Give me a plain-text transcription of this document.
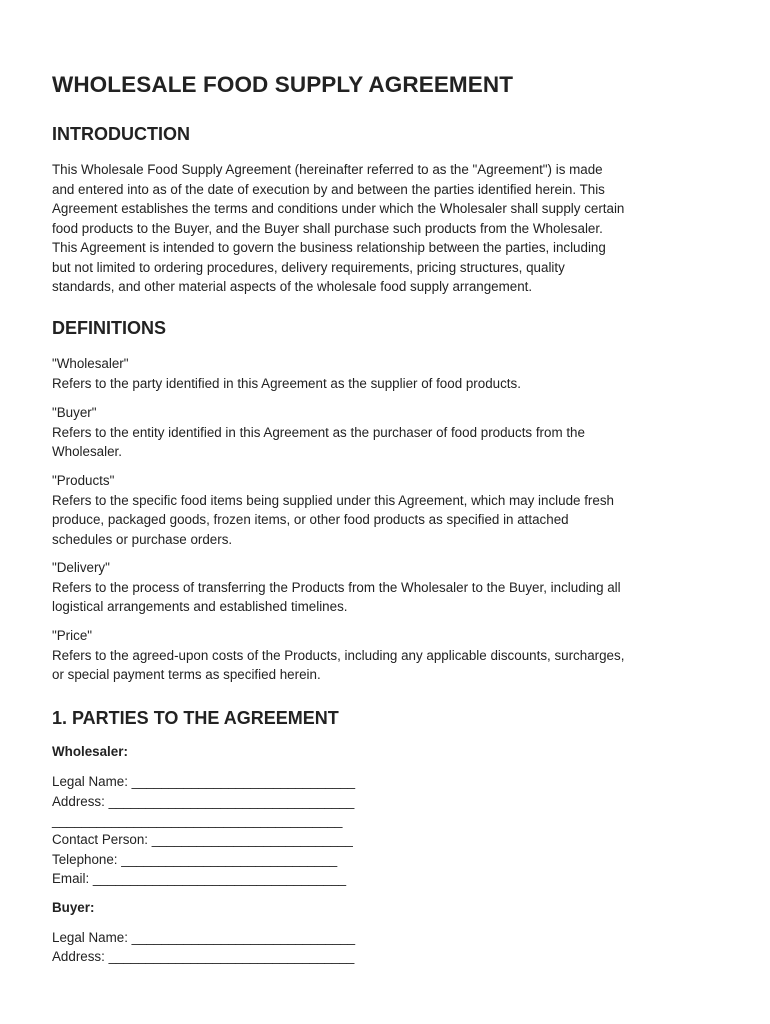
WHOLESALE FOOD SUPPLY AGREEMENT
INTRODUCTION

This Wholesale Food Supply Agreement (hereinafter referred to as the "Agreement") is made
and entered into as of the date of execution by and between the parties identified herein. This
Agreement establishes the terms and conditions under which the Wholesaler shall supply certain
food products to the Buyer, and the Buyer shall purchase such products from the Wholesaler.
This Agreement is intended to govern the business relationship between the parties, including
but not limited to ordering procedures, delivery requirements, pricing structures, quality
standards, and other material aspects of the wholesale food supply arrangement.

DEFINITIONS
"Wholesaler"
Refers to the party identified in this Agreement as the supplier of food products.
"Buyer"
Refers to the entity identified in this Agreement as the purchaser of food products from the
Wholesaler.
"Products"
Refers to the specific food items being supplied under this Agreement, which may include fresh
produce, packaged goods, frozen items, or other food products as specified in attached
schedules or purchase orders.
"Delivery"
Refers to the process of transferring the Products from the Wholesaler to the Buyer, including all
logistical arrangements and established timelines.
"Price"
Refers to the agreed-upon costs of the Products, including any applicable discounts, surcharges,
or special payment terms as specified herein.
1. PARTIES TO THE AGREEMENT

Wholesaler:

Legal Name: ______________________________

Address: _________________________________

_______________________________________

Contact Person: ___________________________

Telephone: _____________________________

Email: __________________________________

Buyer:

Legal Name: ______________________________

Address: _________________________________
